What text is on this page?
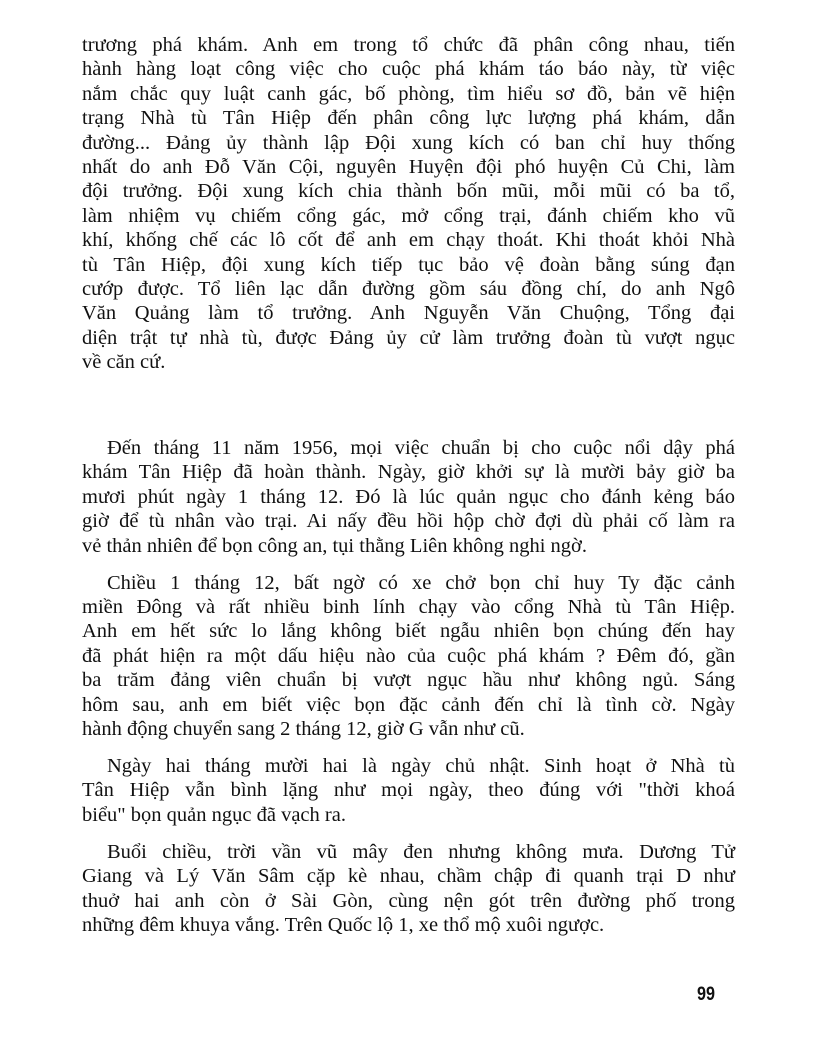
trương phá khám. Anh em trong tổ chức đã phân công nhau, tiến
hành hàng loạt công việc cho cuộc phá khám táo báo này, từ việc
nắm chắc quy luật canh gác, bố phòng, tìm hiểu sơ đồ, bản vẽ hiện
trạng Nhà tù Tân Hiệp đến phân công lực lượng phá khám, dẫn
đường... Đảng ủy thành lập Đội xung kích có ban chỉ huy thống
nhất do anh Đỗ Văn Cội, nguyên Huyện đội phó huyện Củ Chi, làm
đội trưởng. Đội xung kích chia thành bốn mũi, mỗi mũi có ba tổ,
làm nhiệm vụ chiếm cổng gác, mở cổng trại, đánh chiếm kho vũ
khí, khống chế các lô cốt để anh em chạy thoát. Khi thoát khỏi Nhà
tù Tân Hiệp, đội xung kích tiếp tục bảo vệ đoàn bằng súng đạn
cướp được. Tổ liên lạc dẫn đường gồm sáu đồng chí, do anh Ngô
Văn Quảng làm tổ trưởng. Anh Nguyễn Văn Chuộng, Tổng đại
diện trật tự nhà tù, được Đảng ủy cử làm trưởng đoàn tù vượt ngục
về căn cứ.
Đến tháng 11 năm 1956, mọi việc chuẩn bị cho cuộc nổi dậy phá
khám Tân Hiệp đã hoàn thành. Ngày, giờ khởi sự là mười bảy giờ ba
mươi phút ngày 1 tháng 12. Đó là lúc quản ngục cho đánh kẻng báo
giờ để tù nhân vào trại. Ai nấy đều hồi hộp chờ đợi dù phải cố làm ra
vẻ thản nhiên để bọn công an, tụi thằng Liên không nghi ngờ.
Chiều 1 tháng 12, bất ngờ có xe chở bọn chỉ huy Ty đặc cảnh
miền Đông và rất nhiều binh lính chạy vào cổng Nhà tù Tân Hiệp.
Anh em hết sức lo lắng không biết ngẫu nhiên bọn chúng đến hay
đã phát hiện ra một dấu hiệu nào của cuộc phá khám ? Đêm đó, gần
ba trăm đảng viên chuẩn bị vượt ngục hầu như không ngủ. Sáng
hôm sau, anh em biết việc bọn đặc cảnh đến chỉ là tình cờ. Ngày
hành động chuyển sang 2 tháng 12, giờ G vẫn như cũ.
Ngày hai tháng mười hai là ngày chủ nhật. Sinh hoạt ở Nhà tù
Tân Hiệp vẫn bình lặng như mọi ngày, theo đúng với "thời khoá
biểu" bọn quản ngục đã vạch ra.
Buổi chiều, trời vần vũ mây đen nhưng không mưa. Dương Tử
Giang và Lý Văn Sâm cặp kè nhau, chầm chập đi quanh trại D như
thuở hai anh còn ở Sài Gòn, cùng nện gót trên đường phố trong
những đêm khuya vắng. Trên Quốc lộ 1, xe thổ mộ xuôi ngược.
99
